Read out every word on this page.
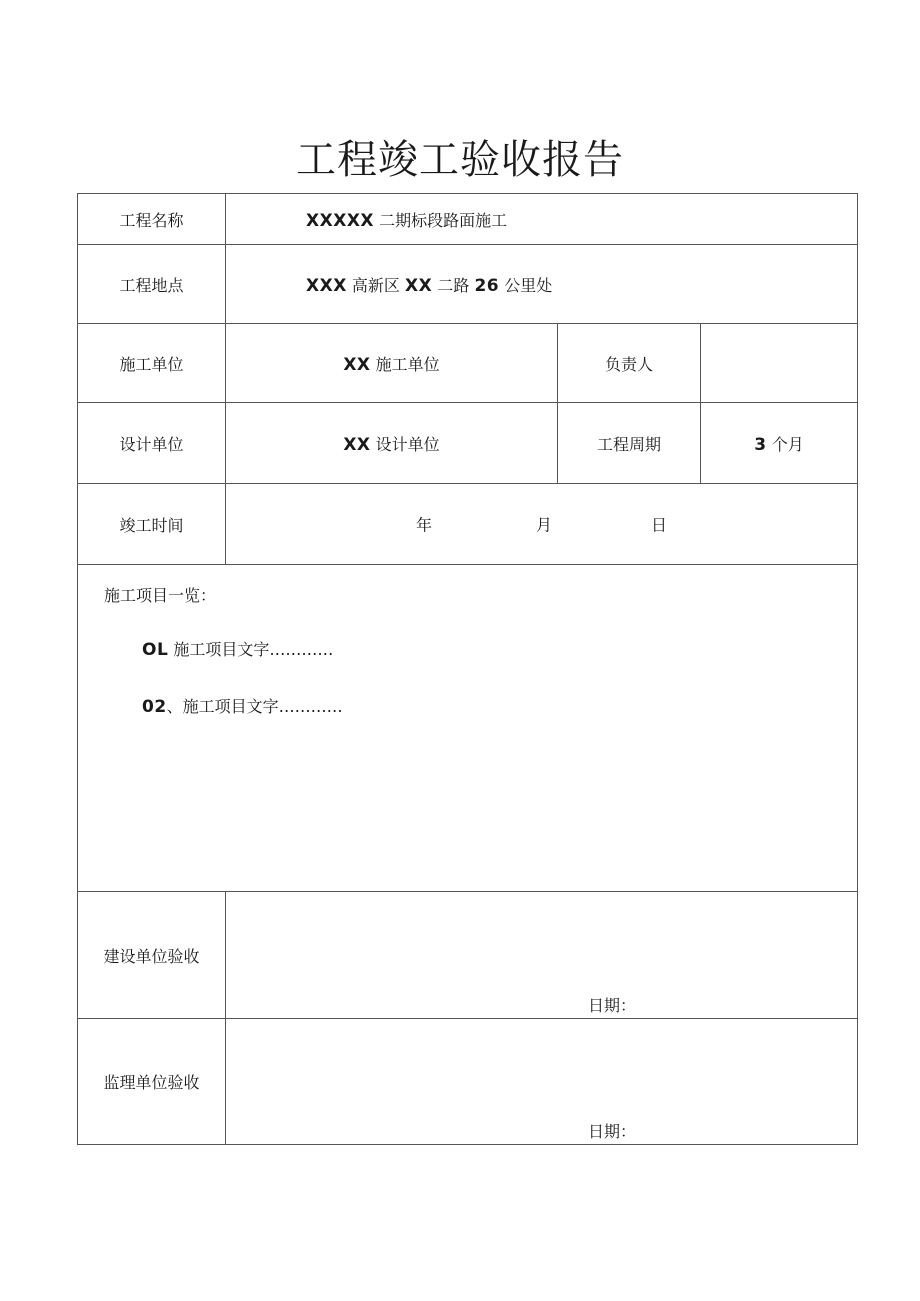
工程竣工验收报告
工程名称	XXXXX 二期标段路面施工		
工程地点	XXX 高新区 XX 二路 26 公里处		
施工单位	XX 施工单位	负责人	
设计单位	XX 设计单位	工程周期	3 个月
竣工时间	年 月 日		

施工项目一览：
OL 施工项目文字…………
02、施工项目文字…………			

建设单位验收	日期：		

监理单位验收	日期：		
